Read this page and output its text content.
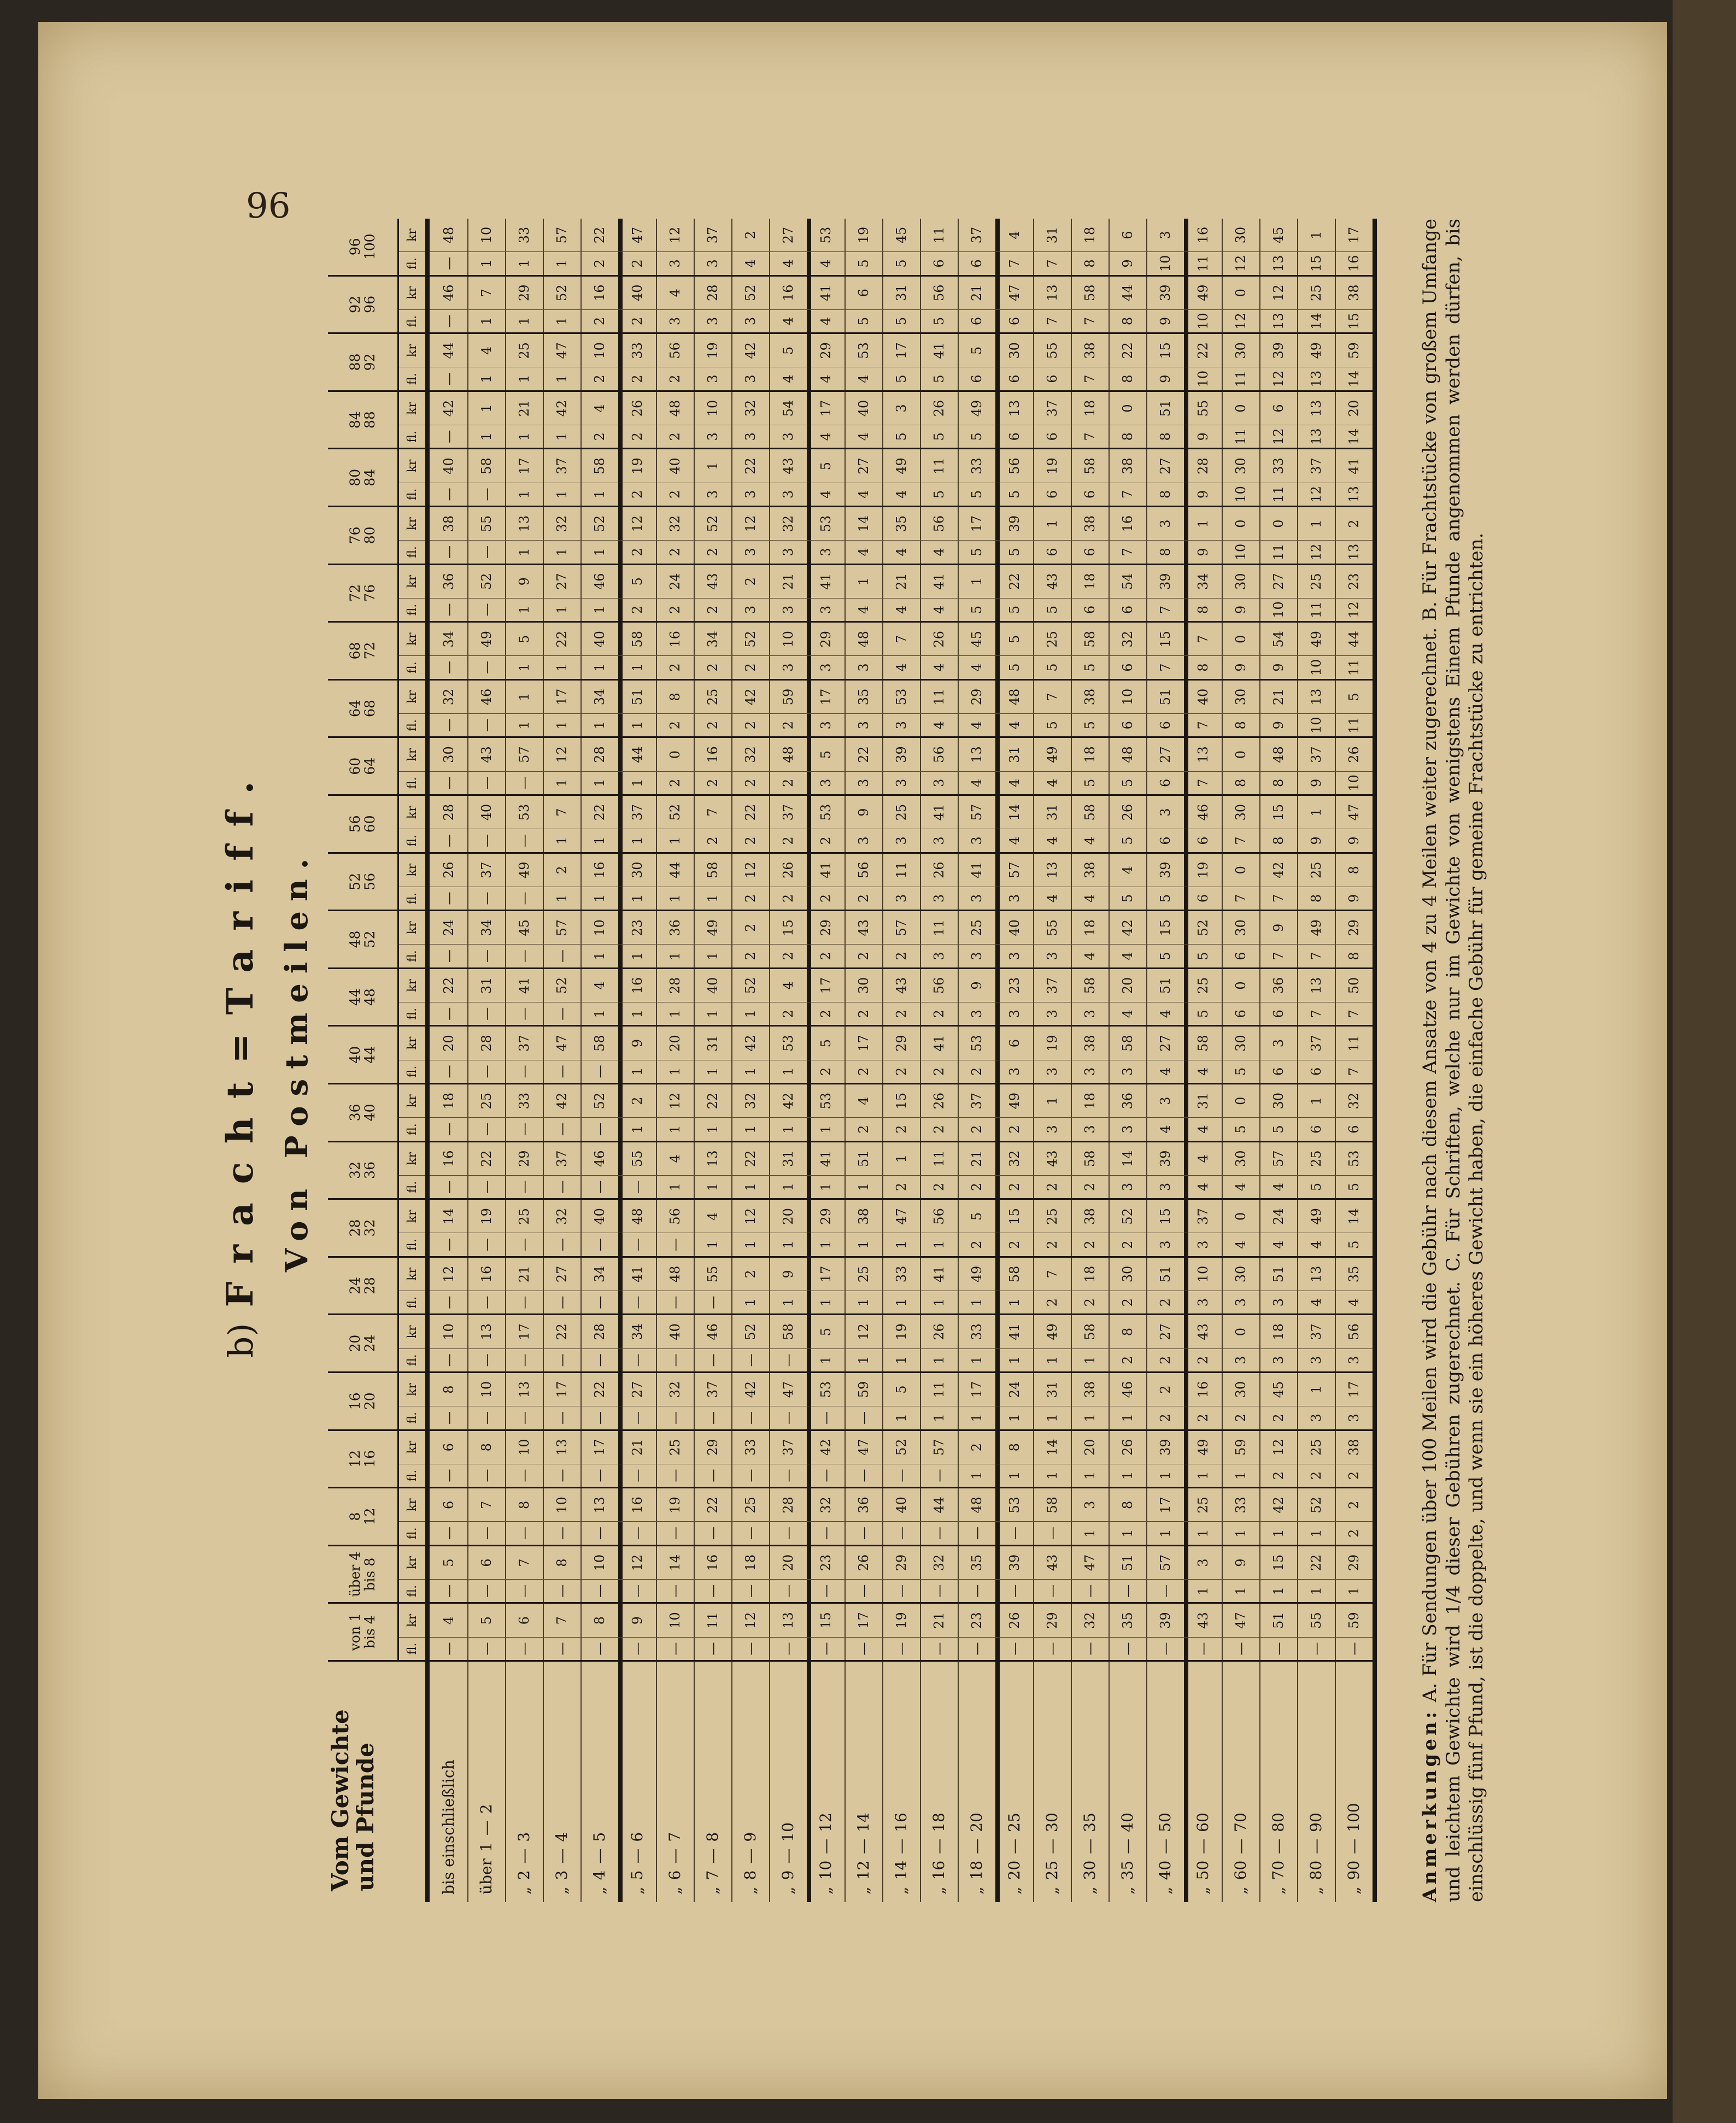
96
b) Fracht=Tariff. Von Postmeilen.
Vom Gewichte
und Pfunde
von 1
bis 4
fl.
kr
über 4
bis 8
fl.
kr
8
12
fl.
kr
12
16
fl.
kr
16
20
fl.
kr
20
24
fl.
kr
24
28
fl.
kr
28
32
fl.
kr
32
36
fl.
kr
36
40
fl.
kr
40
44
fl.
kr
44
48
fl.
kr
48
52
fl.
kr
52
56
fl.
kr
56
60
fl.
kr
60
64
fl.
kr
64
68
fl.
kr
68
72
fl.
kr
72
76
fl.
kr
76
80
fl.
kr
80
84
fl.
kr
84
88
fl.
kr
88
92
fl.
kr
92
96
fl.
kr
96
100
fl.
kr
bis einschließlich
—
4
—
5
—
6
—
6
—
8
—
10
—
12
—
14
—
16
—
18
—
20
—
22
—
24
—
26
—
28
—
30
—
32
—
34
—
36
—
38
—
40
—
42
—
44
—
46
—
48
über
1
—
2
—
5
—
6
—
7
—
8
—
10
—
13
—
16
—
19
—
22
—
25
—
28
—
31
—
34
—
37
—
40
—
43
—
46
—
49
—
52
—
55
—
58
1
1
1
4
1
7
1
10
„
2
—
3
—
6
—
7
—
8
—
10
—
13
—
17
—
21
—
25
—
29
—
33
—
37
—
41
—
45
—
49
—
53
—
57
1
1
1
5
1
9
1
13
1
17
1
21
1
25
1
29
1
33
„
3
—
4
—
7
—
8
—
10
—
13
—
17
—
22
—
27
—
32
—
37
—
42
—
47
—
52
—
57
1
2
1
7
1
12
1
17
1
22
1
27
1
32
1
37
1
42
1
47
1
52
1
57
„
4
—
5
—
8
—
10
—
13
—
17
—
22
—
28
—
34
—
40
—
46
—
52
—
58
1
4
1
10
1
16
1
22
1
28
1
34
1
40
1
46
1
52
1
58
2
4
2
10
2
16
2
22
„
5
—
6
—
9
—
12
—
16
—
21
—
27
—
34
—
41
—
48
—
55
1
2
1
9
1
16
1
23
1
30
1
37
1
44
1
51
1
58
2
5
2
12
2
19
2
26
2
33
2
40
2
47
„
6
—
7
—
10
—
14
—
19
—
25
—
32
—
40
—
48
—
56
1
4
1
12
1
20
1
28
1
36
1
44
1
52
2
0
2
8
2
16
2
24
2
32
2
40
2
48
2
56
3
4
3
12
„
7
—
8
—
11
—
16
—
22
—
29
—
37
—
46
—
55
1
4
1
13
1
22
1
31
1
40
1
49
1
58
2
7
2
16
2
25
2
34
2
43
2
52
3
1
3
10
3
19
3
28
3
37
„
8
—
9
—
12
—
18
—
25
—
33
—
42
—
52
1
2
1
12
1
22
1
32
1
42
1
52
2
2
2
12
2
22
2
32
2
42
2
52
3
2
3
12
3
22
3
32
3
42
3
52
4
2
„
9
—
10
—
13
—
20
—
28
—
37
—
47
—
58
1
9
1
20
1
31
1
42
1
53
2
4
2
15
2
26
2
37
2
48
2
59
3
10
3
21
3
32
3
43
3
54
4
5
4
16
4
27
„
10
—
12
—
15
—
23
—
32
—
42
—
53
1
5
1
17
1
29
1
41
1
53
2
5
2
17
2
29
2
41
2
53
3
5
3
17
3
29
3
41
3
53
4
5
4
17
4
29
4
41
4
53
„
12
—
14
—
17
—
26
—
36
—
47
—
59
1
12
1
25
1
38
1
51
2
4
2
17
2
30
2
43
2
56
3
9
3
22
3
35
3
48
4
1
4
14
4
27
4
40
4
53
5
6
5
19
„
14
—
16
—
19
—
29
—
40
—
52
1
5
1
19
1
33
1
47
2
1
2
15
2
29
2
43
2
57
3
11
3
25
3
39
3
53
4
7
4
21
4
35
4
49
5
3
5
17
5
31
5
45
„
16
—
18
—
21
—
32
—
44
—
57
1
11
1
26
1
41
1
56
2
11
2
26
2
41
2
56
3
11
3
26
3
41
3
56
4
11
4
26
4
41
4
56
5
11
5
26
5
41
5
56
6
11
„
18
—
20
—
23
—
35
—
48
1
2
1
17
1
33
1
49
2
5
2
21
2
37
2
53
3
9
3
25
3
41
3
57
4
13
4
29
4
45
5
1
5
17
5
33
5
49
6
5
6
21
6
37
„
20
—
25
—
26
—
39
—
53
1
8
1
24
1
41
1
58
2
15
2
32
2
49
3
6
3
23
3
40
3
57
4
14
4
31
4
48
5
5
5
22
5
39
5
56
6
13
6
30
6
47
7
4
„
25
—
30
—
29
—
43
—
58
1
14
1
31
1
49
2
7
2
25
2
43
3
1
3
19
3
37
3
55
4
13
4
31
4
49
5
7
5
25
5
43
6
1
6
19
6
37
6
55
7
13
7
31
„
30
—
35
—
32
—
47
1
3
1
20
1
38
1
58
2
18
2
38
2
58
3
18
3
38
3
58
4
18
4
38
4
58
5
18
5
38
5
58
6
18
6
38
6
58
7
18
7
38
7
58
8
18
„
35
—
40
—
35
—
51
1
8
1
26
1
46
2
8
2
30
2
52
3
14
3
36
3
58
4
20
4
42
5
4
5
26
5
48
6
10
6
32
6
54
7
16
7
38
8
0
8
22
8
44
9
6
„
40
—
50
—
39
—
57
1
17
1
39
2
2
2
27
2
51
3
15
3
39
4
3
4
27
4
51
5
15
5
39
6
3
6
27
6
51
7
15
7
39
8
3
8
27
8
51
9
15
9
39
10
3
„
50
—
60
—
43
1
3
1
25
1
49
2
16
2
43
3
10
3
37
4
4
4
31
4
58
5
25
5
52
6
19
6
46
7
13
7
40
8
7
8
34
9
1
9
28
9
55
10
22
10
49
11
16
„
60
—
70
—
47
1
9
1
33
1
59
2
30
3
0
3
30
4
0
4
30
5
0
5
30
6
0
6
30
7
0
7
30
8
0
8
30
9
0
9
30
10
0
10
30
11
0
11
30
12
0
12
30
„
70
—
80
—
51
1
15
1
42
2
12
2
45
3
18
3
51
4
24
4
57
5
30
6
3
6
36
7
9
7
42
8
15
8
48
9
21
9
54
10
27
11
0
11
33
12
6
12
39
13
12
13
45
„
80
—
90
—
55
1
22
1
52
2
25
3
1
3
37
4
13
4
49
5
25
6
1
6
37
7
13
7
49
8
25
9
1
9
37
10
13
10
49
11
25
12
1
12
37
13
13
13
49
14
25
15
1
„
90
—
100
—
59
1
29
2
2
2
38
3
17
3
56
4
35
5
14
5
53
6
32
7
11
7
50
8
29
9
8
9
47
10
26
11
5
11
44
12
23
13
2
13
41
14
20
14
59
15
38
16
17
Anmerkungen: A. Für Sendungen über 100 Meilen wird die Gebühr nach diesem Ansatze von 4 zu 4 Meilen weiter zugerechnet. B. Für Frachtstücke von großem Umfange und leichtem Gewichte wird 1/4 dieser Gebühren zugerechnet. C. Für Schriften, welche nur im Gewichte von wenigstens Einem Pfunde angenommen werden dürfen, bis einschlüssig fünf Pfund, ist die doppelte, und wenn sie ein höheres Gewicht haben, die einfache Gebühr für gemeine Frachtstücke zu entrichten.
